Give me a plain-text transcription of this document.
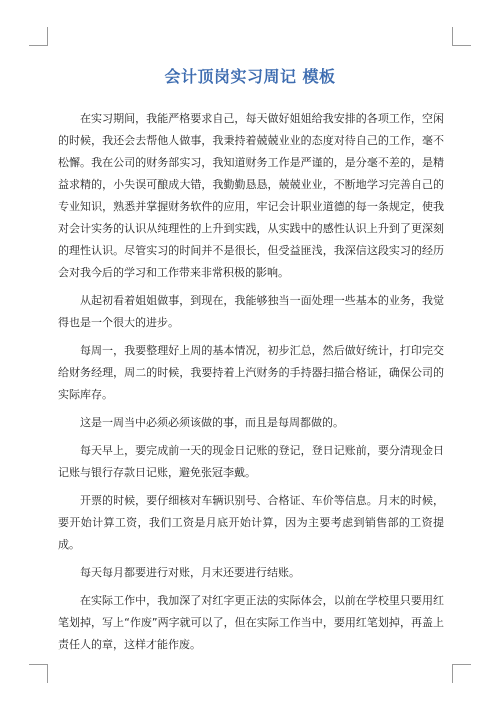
会计顶岗实习周记 模板

在实习期间，我能严格要求自己，每天做好姐姐给我安排的各项工作，空闲的时候，我还会去帮他人做事，我秉持着兢兢业业的态度对待自己的工作，毫不松懈。我在公司的财务部实习，我知道财务工作是严谨的，是分毫不差的，是精益求精的，小失误可酿成大错，我勤勤恳恳，兢兢业业，不断地学习完善自己的专业知识，熟悉并掌握财务软件的应用，牢记会计职业道德的每一条规定，使我对会计实务的认识从纯理性的上升到实践，从实践中的感性认识上升到了更深刻的理性认识。尽管实习的时间并不是很长，但受益匪浅，我深信这段实习的经历会对我今后的学习和工作带来非常积极的影响。

从起初看着姐姐做事，到现在，我能够独当一面处理一些基本的业务，我觉得也是一个很大的进步。

每周一，我要整理好上周的基本情况，初步汇总，然后做好统计，打印完交给财务经理，周二的时候，我要持着上汽财务的手持器扫描合格证，确保公司的实际库存。

这是一周当中必须必须该做的事，而且是每周都做的。

每天早上，要完成前一天的现金日记账的登记，登日记账前，要分清现金日记账与银行存款日记账，避免张冠李戴。

开票的时候，要仔细核对车辆识别号、合格证、车价等信息。月末的时候，要开始计算工资，我们工资是月底开始计算，因为主要考虑到销售部的工资提成。

每天每月都要进行对账，月末还要进行结账。

在实际工作中，我加深了对红字更正法的实际体会，以前在学校里只要用红笔划掉，写上“作废”两字就可以了，但在实际工作当中，要用红笔划掉，再盖上责任人的章，这样才能作废。
